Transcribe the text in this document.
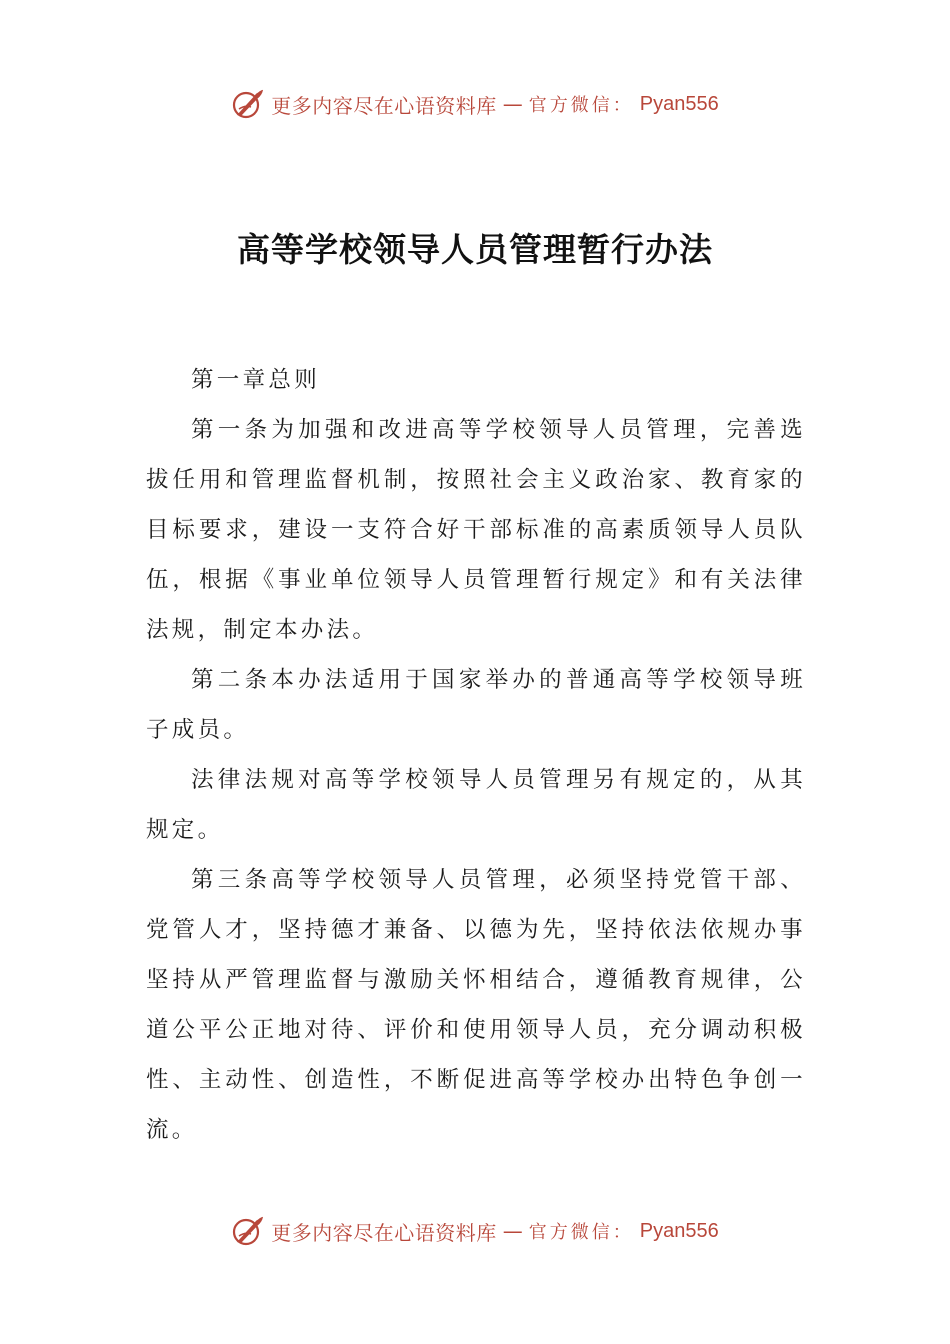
更多内容尽在心语资料库 — 官方微信： Pyan556
高等学校领导人员管理暂行办法

第一章总则

第一条为加强和改进高等学校领导人员管理，完善选拔任用和管理监督机制，按照社会主义政治家、教育家的目标要求，建设一支符合好干部标准的高素质领导人员队伍，根据《事业单位领导人员管理暂行规定》和有关法律法规，制定本办法。

第二条本办法适用于国家举办的普通高等学校领导班子成员。

法律法规对高等学校领导人员管理另有规定的，从其规定。

第三条高等学校领导人员管理，必须坚持党管干部、党管人才，坚持德才兼备、以德为先，坚持依法依规办事坚持从严管理监督与激励关怀相结合，遵循教育规律，公道公平公正地对待、评价和使用领导人员，充分调动积极性、主动性、创造性，不断促进高等学校办出特色争创一流。

更多内容尽在心语资料库 — 官方微信： Pyan556
